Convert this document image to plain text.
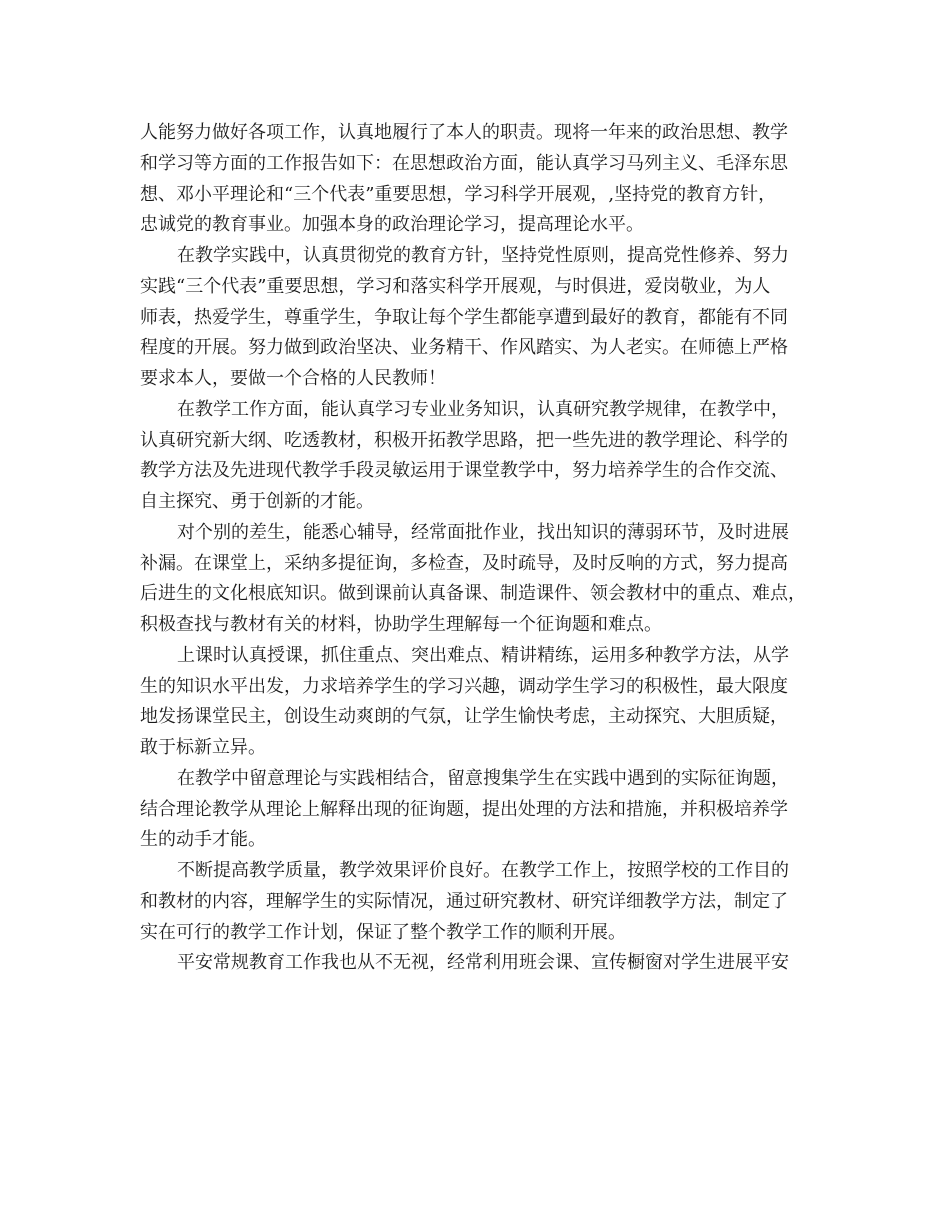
人能努力做好各项工作，认真地履行了本人的职责。现将一年来的政治思想、教学
和学习等方面的工作报告如下：在思想政治方面，能认真学习马列主义、毛泽东思
想、邓小平理论和“三个代表”重要思想，学习科学开展观，,坚持党的教育方针，
忠诚党的教育事业。加强本身的政治理论学习，提高理论水平。
在教学实践中，认真贯彻党的教育方针，坚持党性原则，提高党性修养、努力
实践“三个代表”重要思想，学习和落实科学开展观，与时俱进，爱岗敬业，为人
师表，热爱学生，尊重学生，争取让每个学生都能享遭到最好的教育，都能有不同
程度的开展。努力做到政治坚决、业务精干、作风踏实、为人老实。在师德上严格
要求本人，要做一个合格的人民教师！
在教学工作方面，能认真学习专业业务知识，认真研究教学规律，在教学中，
认真研究新大纲、吃透教材，积极开拓教学思路，把一些先进的教学理论、科学的
教学方法及先进现代教学手段灵敏运用于课堂教学中，努力培养学生的合作交流、
自主探究、勇于创新的才能。
对个别的差生，能悉心辅导，经常面批作业，找出知识的薄弱环节，及时进展
补漏。在课堂上，采纳多提征询，多检查，及时疏导，及时反响的方式，努力提高
后进生的文化根底知识。做到课前认真备课、制造课件、领会教材中的重点、难点，
积极查找与教材有关的材料，协助学生理解每一个征询题和难点。
上课时认真授课，抓住重点、突出难点、精讲精练，运用多种教学方法，从学
生的知识水平出发，力求培养学生的学习兴趣，调动学生学习的积极性，最大限度
地发扬课堂民主，创设生动爽朗的气氛，让学生愉快考虑，主动探究、大胆质疑，
敢于标新立异。
在教学中留意理论与实践相结合，留意搜集学生在实践中遇到的实际征询题，
结合理论教学从理论上解释出现的征询题，提出处理的方法和措施，并积极培养学
生的动手才能。
不断提高教学质量，教学效果评价良好。在教学工作上，按照学校的工作目的
和教材的内容，理解学生的实际情况，通过研究教材、研究详细教学方法，制定了
实在可行的教学工作计划，保证了整个教学工作的顺利开展。
平安常规教育工作我也从不无视，经常利用班会课、宣传橱窗对学生进展平安
